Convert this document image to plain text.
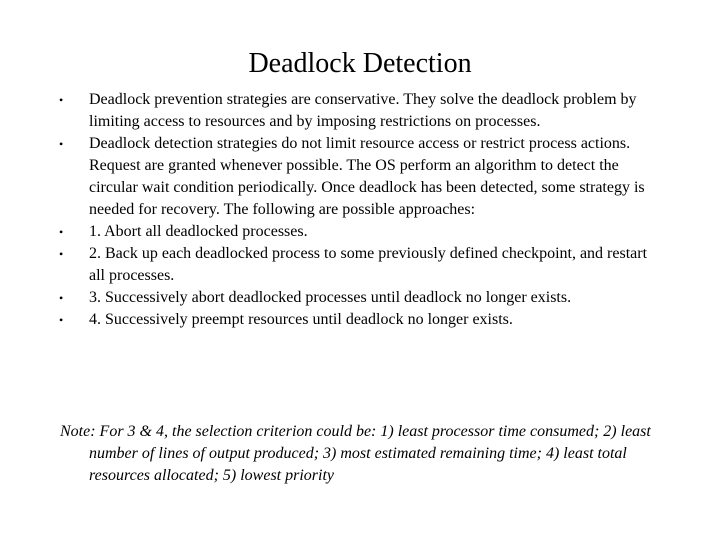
Deadlock Detection
• Deadlock prevention strategies are conservative. They solve the deadlock problem by limiting access to resources and by imposing restrictions on processes.
• Deadlock detection strategies do not limit resource access or restrict process actions. Request are granted whenever possible. The OS perform an algorithm to detect the circular wait condition periodically. Once deadlock has been detected, some strategy is needed for recovery. The following are possible approaches:
• 1. Abort all deadlocked processes.
• 2. Back up each deadlocked process to some previously defined checkpoint, and restart all processes.
• 3. Successively abort deadlocked processes until deadlock no longer exists.
• 4. Successively preempt resources until deadlock no longer exists.

Note: For 3 & 4, the selection criterion could be: 1) least processor time consumed; 2) least number of lines of output produced; 3) most estimated remaining time; 4) least total resources allocated; 5) lowest priority
